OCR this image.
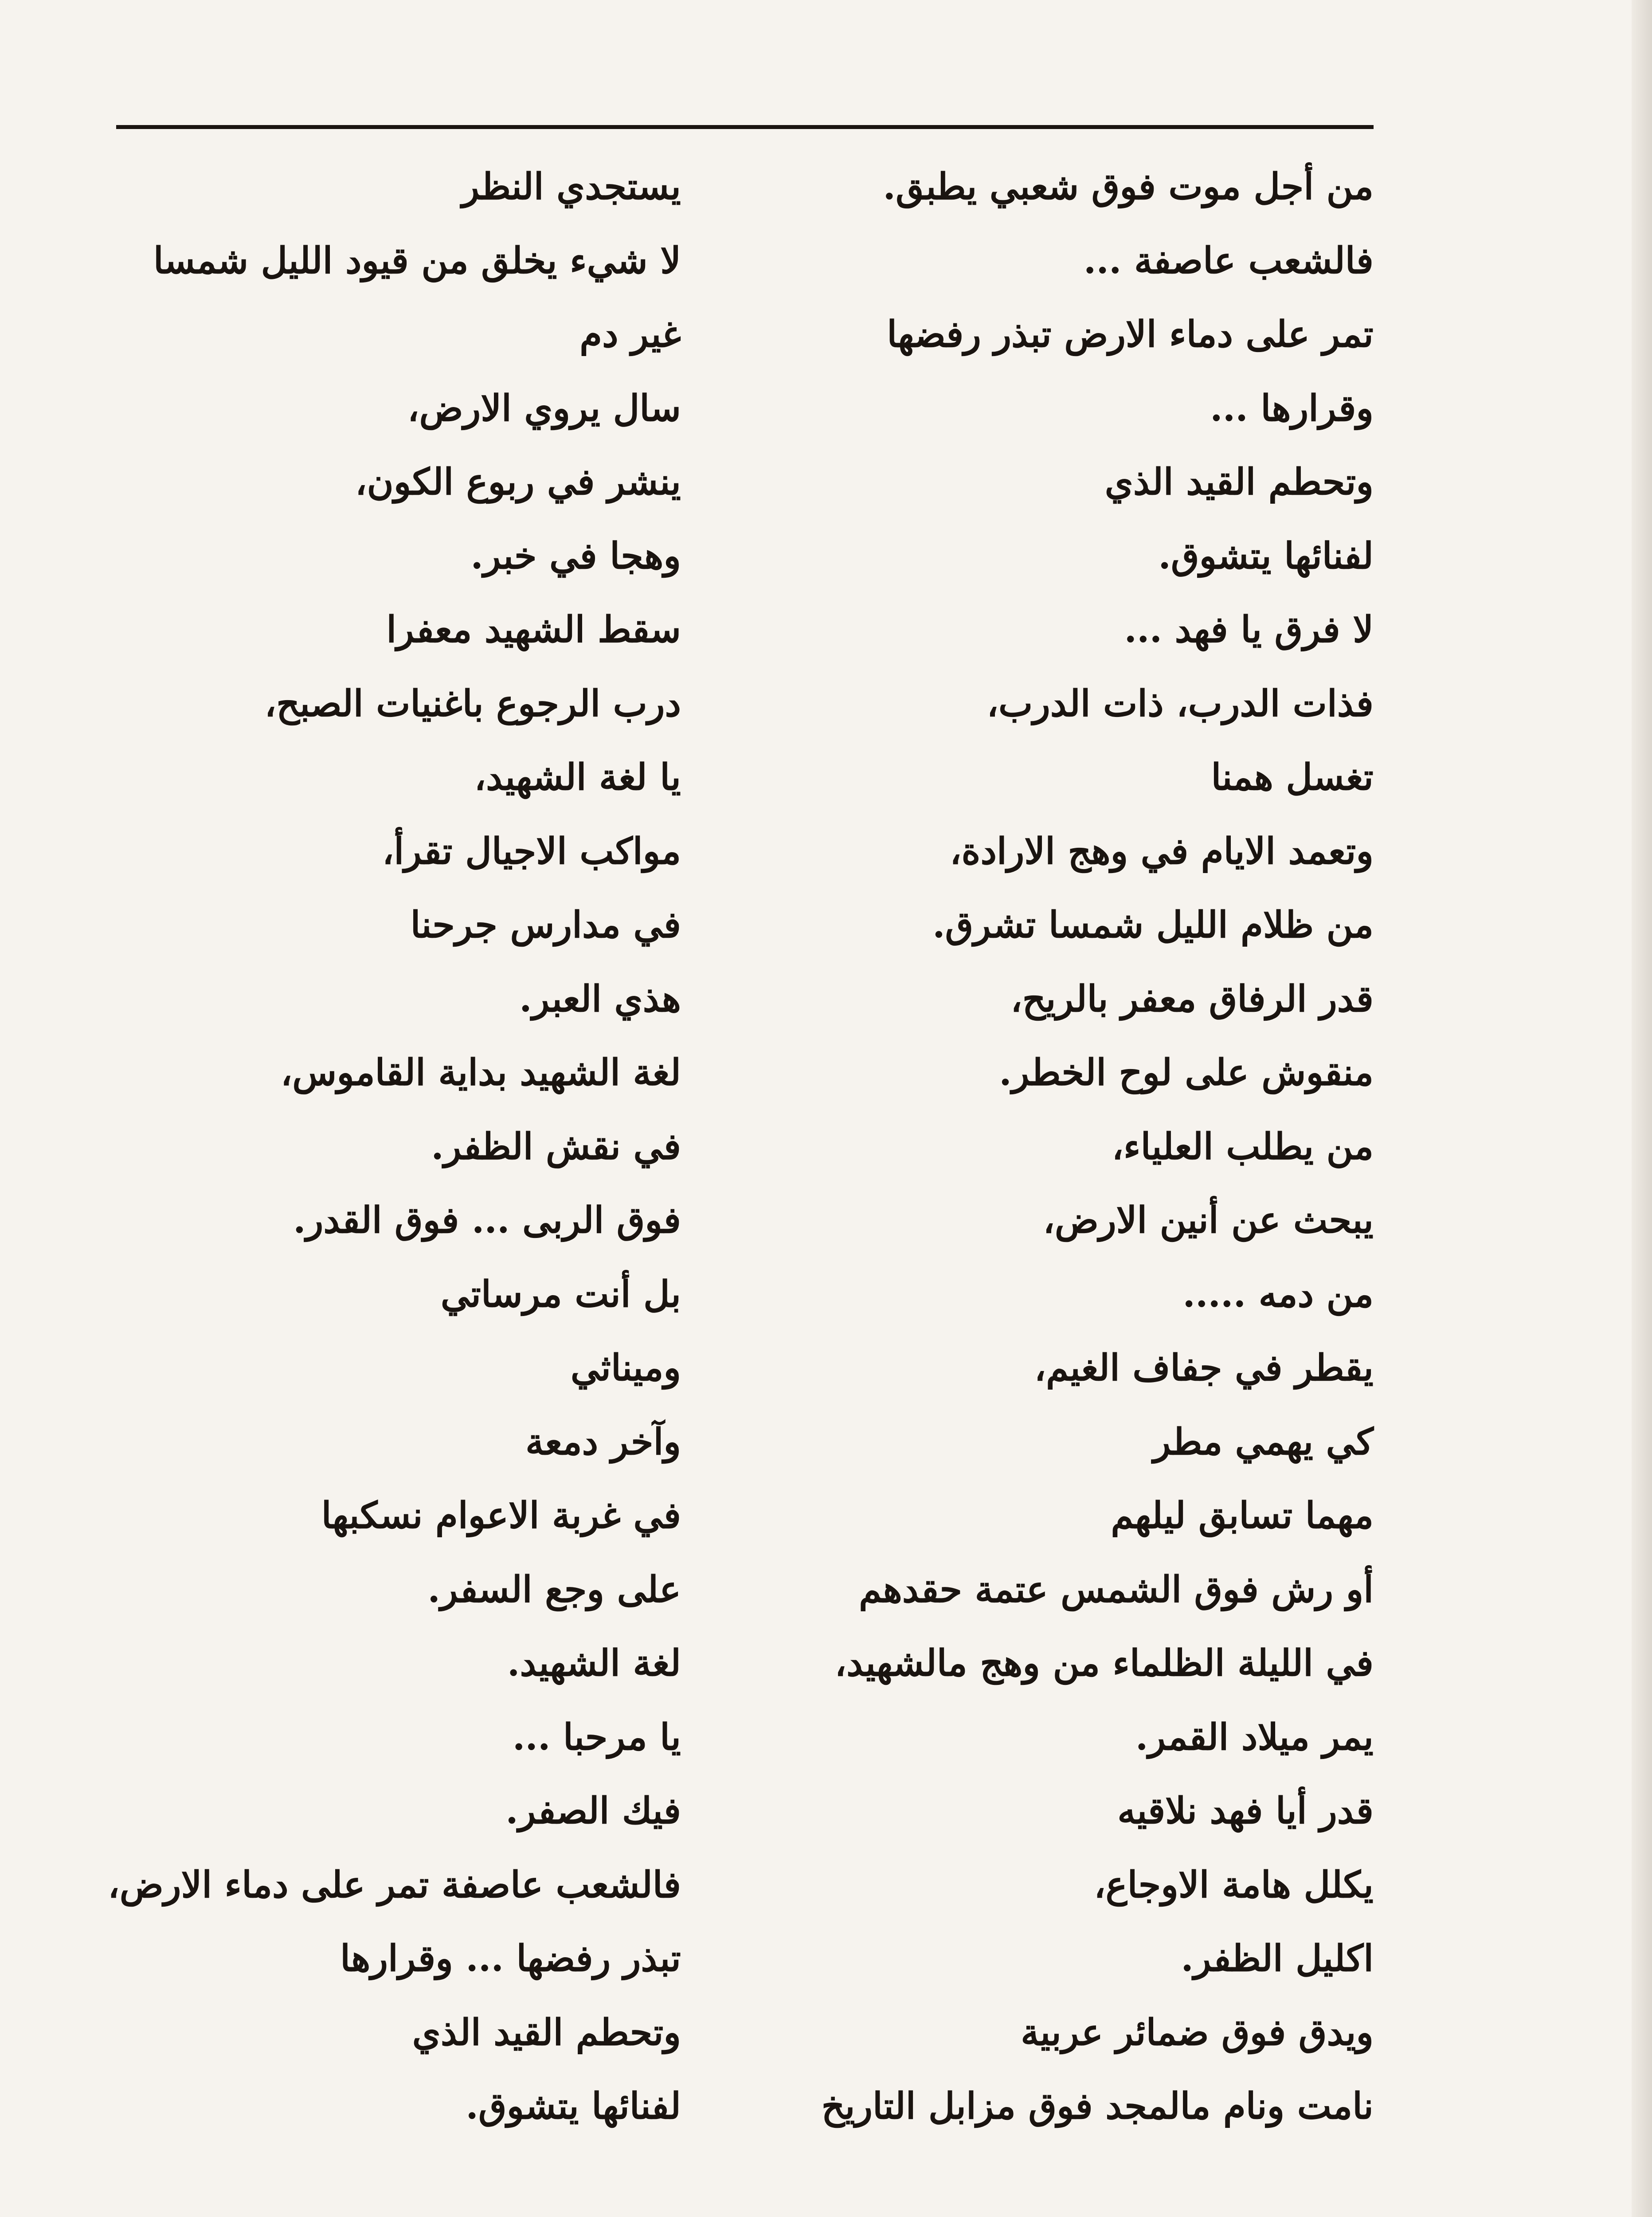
من أجل موت فوق شعبي يطبق.
فالشعب عاصفة ...
تمر على دماء الارض تبذر رفضها
وقرارها ...
وتحطم القيد الذي
لفنائها يتشوق.
لا فرق يا فهد ...
فذات الدرب، ذات الدرب،
تغسل همنا
وتعمد الايام في وهج الارادة،
من ظلام الليل شمسا تشرق.
قدر الرفاق معفر بالريح،
منقوش على لوح الخطر.
من يطلب العلياء،
يبحث عن أنين الارض،
من دمه .....
يقطر في جفاف الغيم،
كي يهمي مطر
مهما تسابق ليلهم
أو رش فوق الشمس عتمة حقدهم
في الليلة الظلماء من وهج مالشهيد،
يمر ميلاد القمر.
قدر أيا فهد نلاقيه
يكلل هامة الاوجاع،
اكليل الظفر.
ويدق فوق ضمائر عربية
نامت ونام مالمجد فوق مزابل التاريخ
يستجدي النظر
لا شيء يخلق من قيود الليل شمسا
غير دم
سال يروي الارض،
ينشر في ربوع الكون،
وهجا في خبر.
سقط الشهيد معفرا
درب الرجوع باغنيات الصبح،
يا لغة الشهيد،
مواكب الاجيال تقرأ،
في مدارس جرحنا
هذي العبر.
لغة الشهيد بداية القاموس،
في نقش الظفر.
فوق الربى ... فوق القدر.
بل أنت مرساتي
وميناثي
وآخر دمعة
في غربة الاعوام نسكبها
على وجع السفر.
لغة الشهيد.
يا مرحبا ...
فيك الصفر.
فالشعب عاصفة تمر على دماء الارض،
تبذر رفضها ... وقرارها
وتحطم القيد الذي
لفنائها يتشوق.
